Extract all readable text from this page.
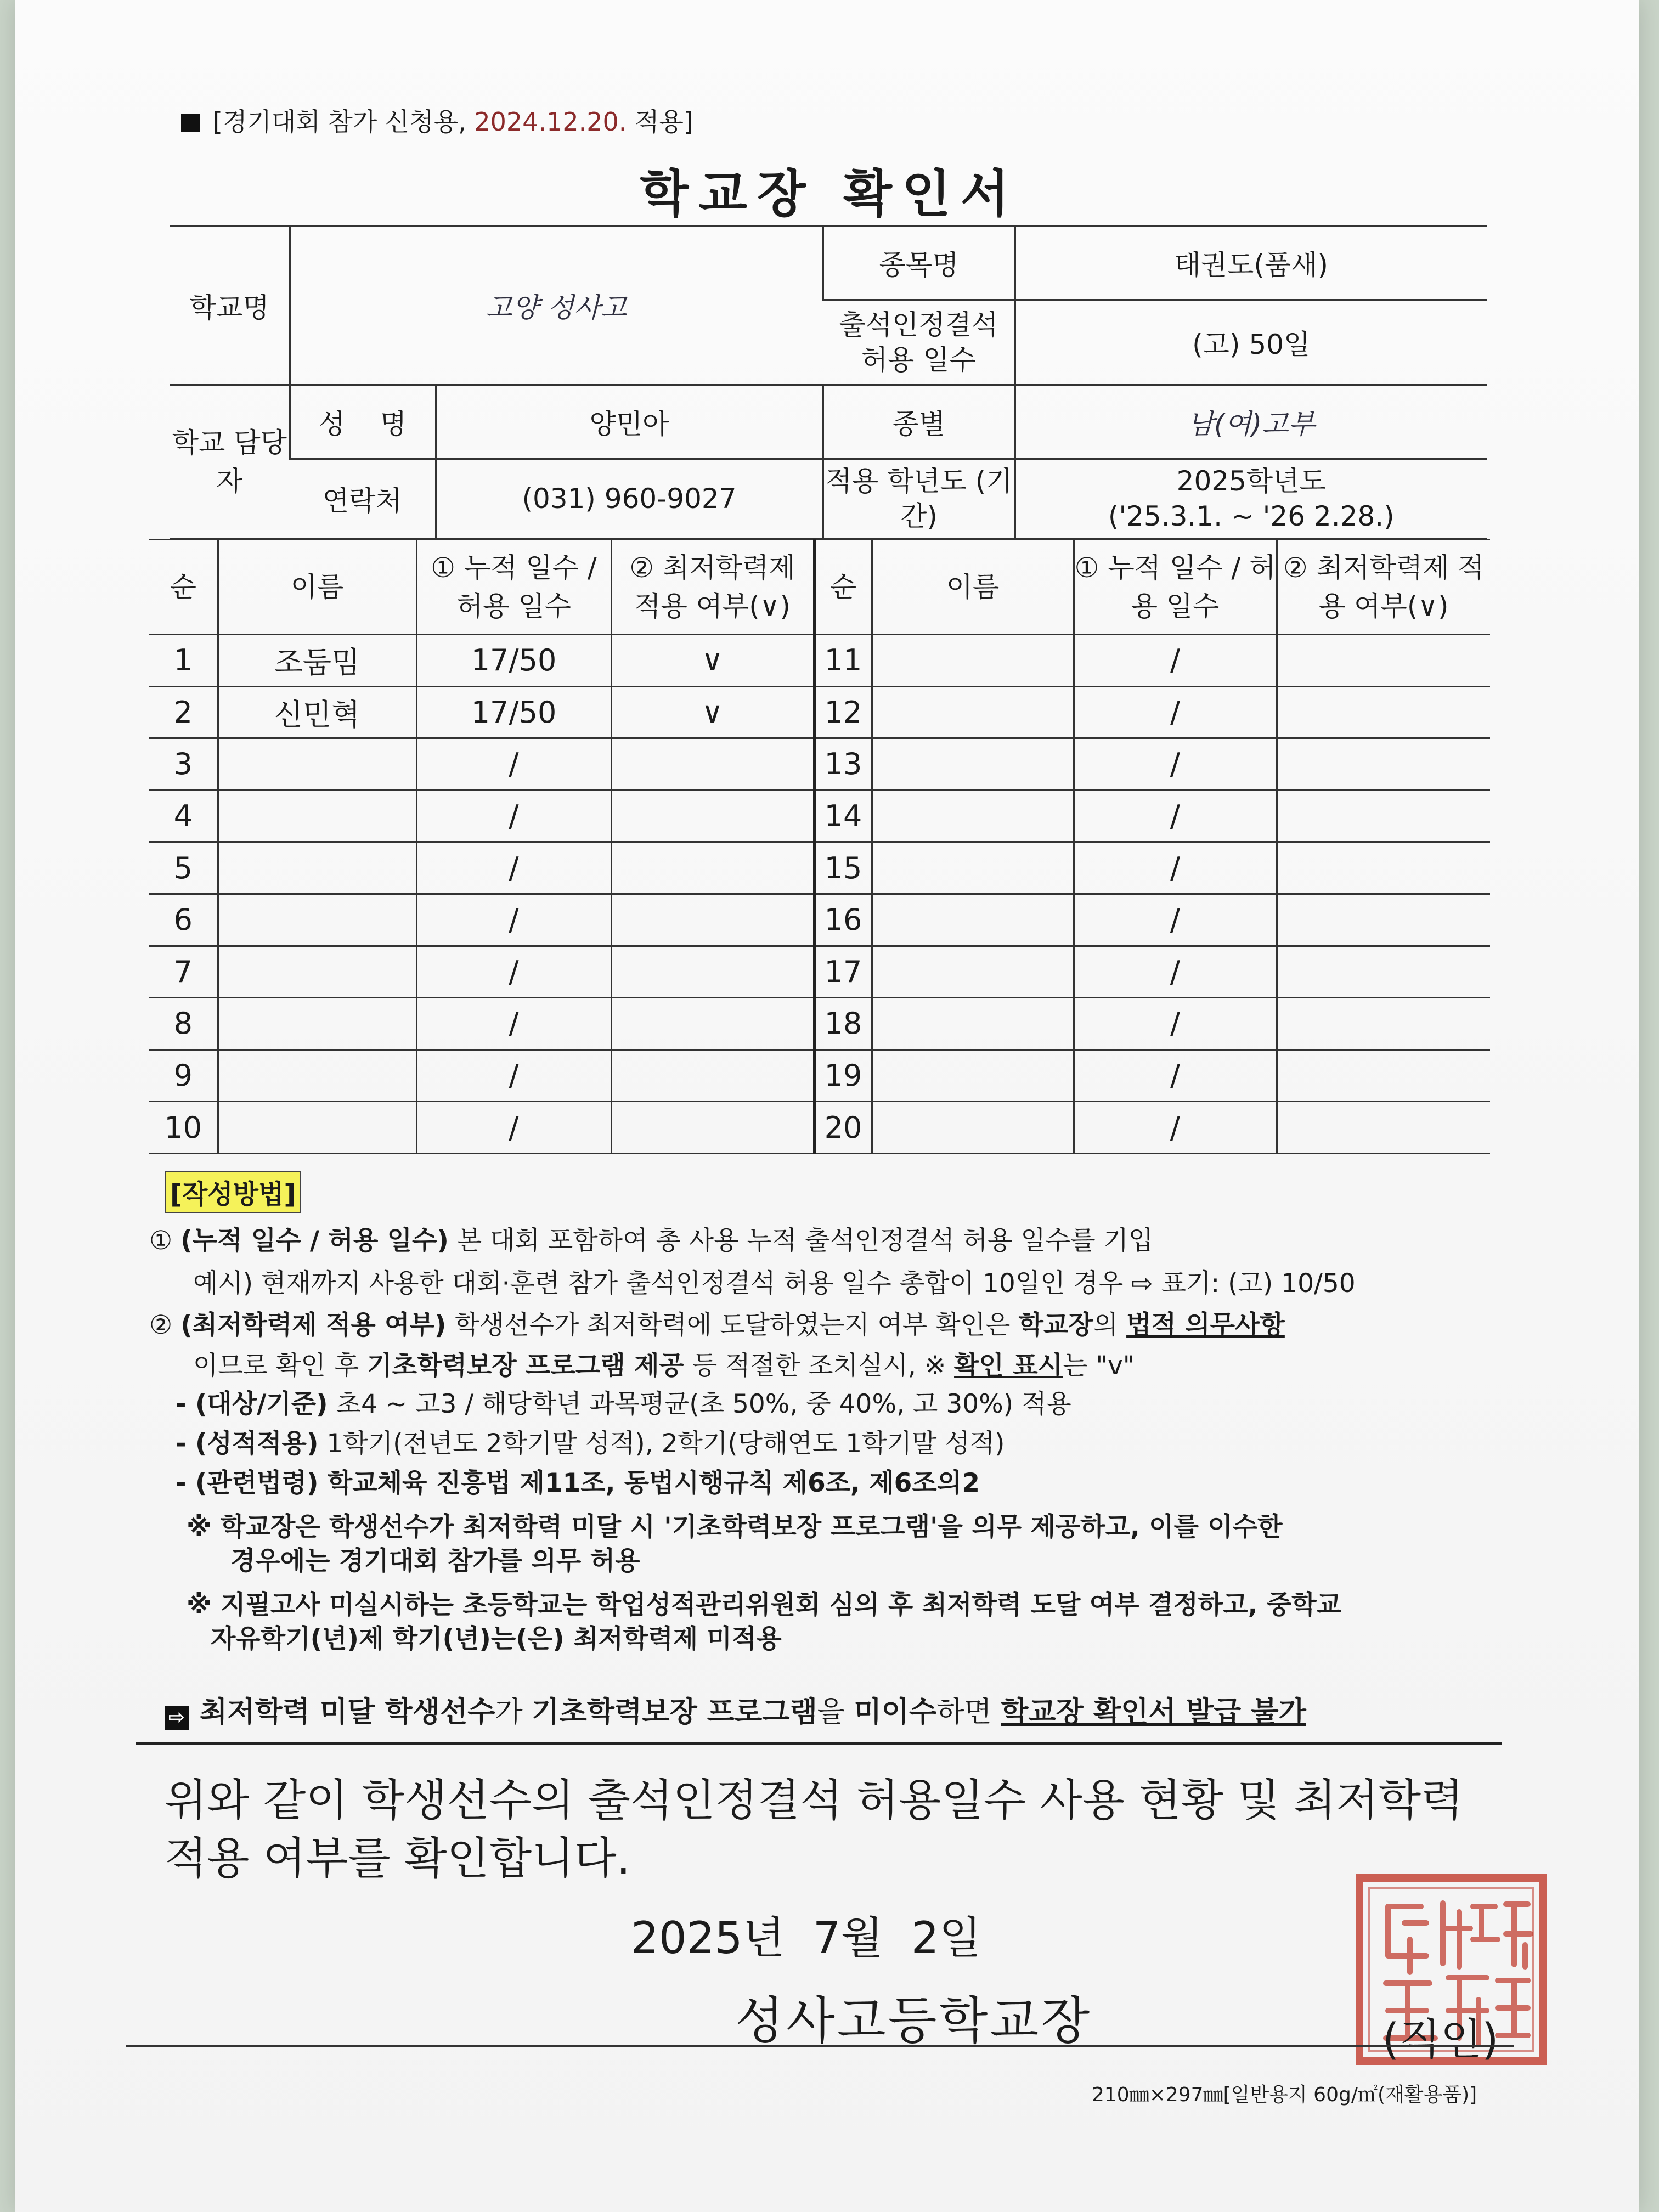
[경기대회 참가 신청용, 2024.12.20. 적용]
학교장 확인서
학교명	고양 성사고		종목명	태권도(품새)
			출석인정결석 허용 일수	(고) 50일
학교 담당자	성    명	양민아	종별	남(여)고부
	연락처	(031) 960-9027	적용 학년도 (기간)	2025학년도
('25.3.1. ~ '26 2.28.)
순	이름	① 누적 일수 / 허용 일수	② 최저학력제 적용 여부(∨)	순	이름	① 누적 일수 / 허용 일수	② 최저학력제 적용 여부(∨)
1	조둠밈	17/50	∨	11		/	
2	신민혁	17/50	∨	12		/	
3		/		13		/	
4		/		14		/	
5		/		15		/	
6		/		16		/	
7		/		17		/	
8		/		18		/	
9		/		19		/	
10		/		20		/	
[작성방법]
① (누적 일수 / 허용 일수) 본 대회 포함하여 총 사용 누적 출석인정결석 허용 일수를 기입
예시) 현재까지 사용한 대회·훈련 참가 출석인정결석 허용 일수 총합이 10일인 경우 ⇨ 표기: (고) 10/50
② (최저학력제 적용 여부) 학생선수가 최저학력에 도달하였는지 여부 확인은 학교장의 법적 의무사항
이므로 확인 후 기초학력보장 프로그램 제공 등 적절한 조치실시, ※ 확인 표시는 "v"
- (대상/기준) 초4 ~ 고3 / 해당학년 과목평균(초 50%, 중 40%, 고 30%) 적용
- (성적적용) 1학기(전년도 2학기말 성적), 2학기(당해연도 1학기말 성적)
- (관련법령) 학교체육 진흥법 제11조, 동법시행규칙 제6조, 제6조의2
※ 학교장은 학생선수가 최저학력 미달 시 '기초학력보장 프로그램'을 의무 제공하고, 이를 이수한
경우에는 경기대회 참가를 의무 허용
※ 지필고사 미실시하는 초등학교는 학업성적관리위원회 심의 후 최저학력 도달 여부 결정하고, 중학교
자유학기(년)제 학기(년)는(은) 최저학력제 미적용
⇨ 최저학력 미달 학생선수가 기초학력보장 프로그램을 미이수하면 학교장 확인서 발급 불가
위와 같이 학생선수의 출석인정결석 허용일수 사용 현황 및 최저학력
적용 여부를 확인합니다.
2025년  7월  2일
성사고등학교장	(직인)
210㎜×297㎜[일반용지 60g/㎡(재활용품)]
